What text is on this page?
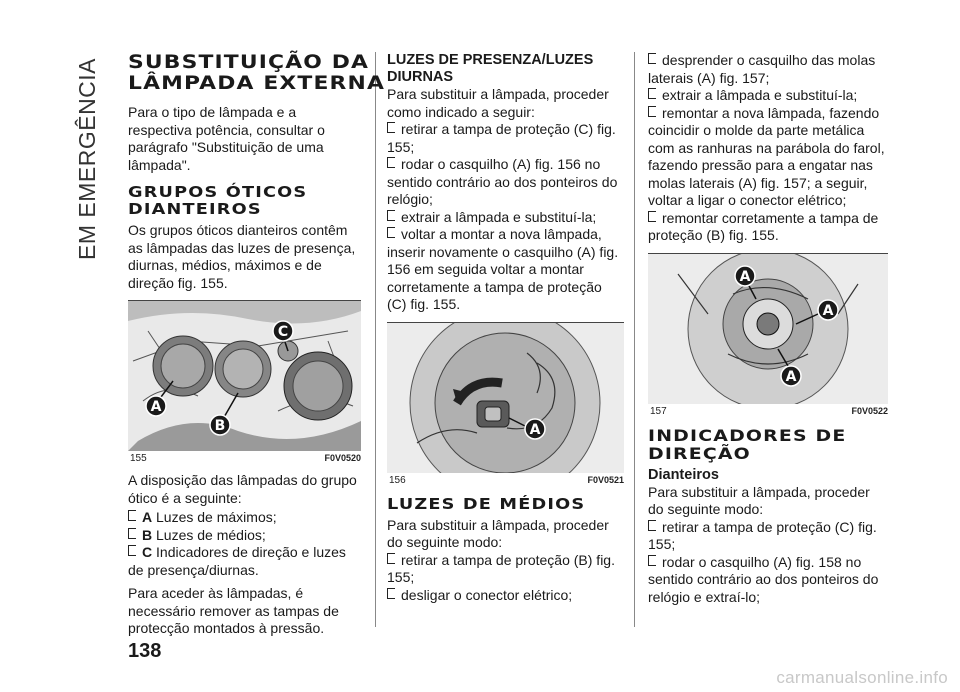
EM EMERGÊNCIA
138
carmanualsonline.info
SUBSTITUIÇÃO DA LÂMPADA EXTERNA

Para o tipo de lâmpada e a respectiva potência, consultar o parágrafo "Substituição de uma lâmpada".

GRUPOS ÓTICOS DIANTEIROS

Os grupos óticos dianteiros contêm as lâmpadas das luzes de presença, diurnas, médios, máximos e de direção fig. 155.

A
B
C
155	F0V0520

A disposição das lâmpadas do grupo ótico é a seguinte:

A Luzes de máximos;
B Luzes de médios;
C Indicadores de direção e luzes de presença/diurnas.

Para aceder às lâmpadas, é necessário remover as tampas de protecção montados à pressão.

LUZES DE PRESENZA/LUZES DIURNAS

Para substituir a lâmpada, proceder como indicado a seguir:

retirar a tampa de proteção (C) fig. 155;
rodar o casquilho (A) fig. 156 no sentido contrário ao dos ponteiros do relógio;
extrair a lâmpada e substituí-la;
voltar a montar a nova lâmpada, inserir novamente o casquilho (A) fig. 156 em seguida voltar a montar corretamente a tampa de proteção (C) fig. 155.
A
156	F0V0521
LUZES DE MÉDIOS

Para substituir a lâmpada, proceder do seguinte modo:

retirar a tampa de proteção (B) fig. 155;
desligar o conector elétrico;
desprender o casquilho das molas laterais (A) fig. 157;
extrair a lâmpada e substituí-la;
remontar a nova lâmpada, fazendo coincidir o molde da parte metálica com as ranhuras na parábola do farol, fazendo pressão para a engatar nas molas laterais (A) fig. 157; a seguir, voltar a ligar o conector elétrico;
remontar corretamente a tampa de proteção (B) fig. 155.
A
A
A
157	F0V0522
INDICADORES DE DIREÇÃO
Dianteiros

Para substituir a lâmpada, proceder do seguinte modo:

retirar a tampa de proteção (C) fig. 155;
rodar o casquilho (A) fig. 158 no sentido contrário ao dos ponteiros do relógio e extraí-lo;
